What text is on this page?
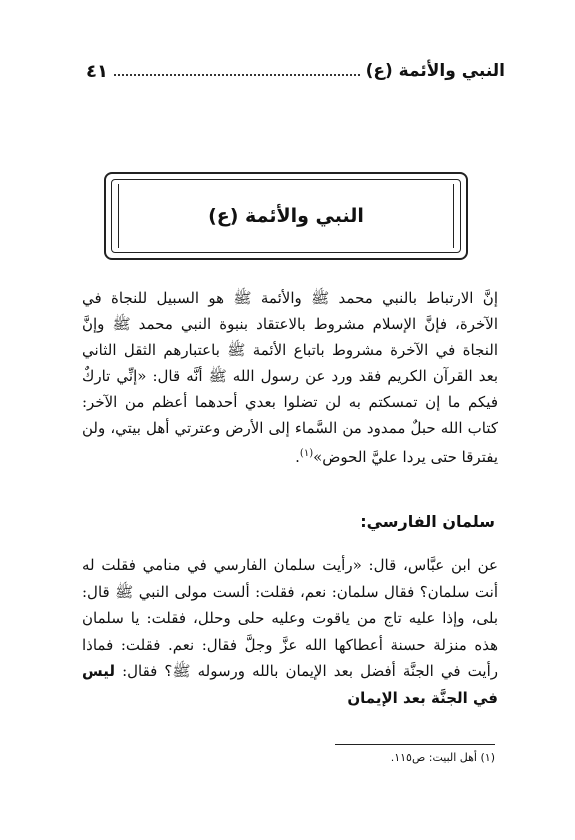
النبي والأئمة (ع)
٤١
النبي والأئمة (ع)

إنَّ الارتباط بالنبي محمد ﷺ والأئمة ﷺ هو السبيل للنجاة في الآخرة، فإنَّ الإسلام مشروط بالاعتقاد بنبوة النبي محمد ﷺ وإنَّ النجاة في الآخرة مشروط باتباع الأئمة ﷺ باعتبارهم الثقل الثاني بعد القرآن الكريم فقد ورد عن رسول الله ﷺ أنَّه قال: «إنِّي تاركٌ فيكم ما إن تمسكتم به لن تضلوا بعدي أحدهما أعظم من الآخر: كتاب الله حبلٌ ممدود من السَّماء إلى الأرض وعترتي أهل بيتي، ولن يفترقا حتى يردا عليَّ الحوض»$^{(١)}$.

سلمان الفارسي:
عن ابن عبَّاس، قال: «رأيت سلمان الفارسي في منامي فقلت له أنت سلمان؟ فقال سلمان: نعم، فقلت: ألست مولى النبي ﷺ قال: بلى، وإذا عليه تاج من ياقوت وعليه حلى وحلل، فقلت: يا سلمان هذه منزلة حسنة أعطاكها الله عزَّ وجلَّ فقال: نعم. فقلت: فماذا رأيت في الجنَّة أفضل بعد الإيمان بالله ورسوله ﷺ؟ فقال: ليس في الجنَّة بعد الإيمان
(١) أهل البيت: ص١١٥.
